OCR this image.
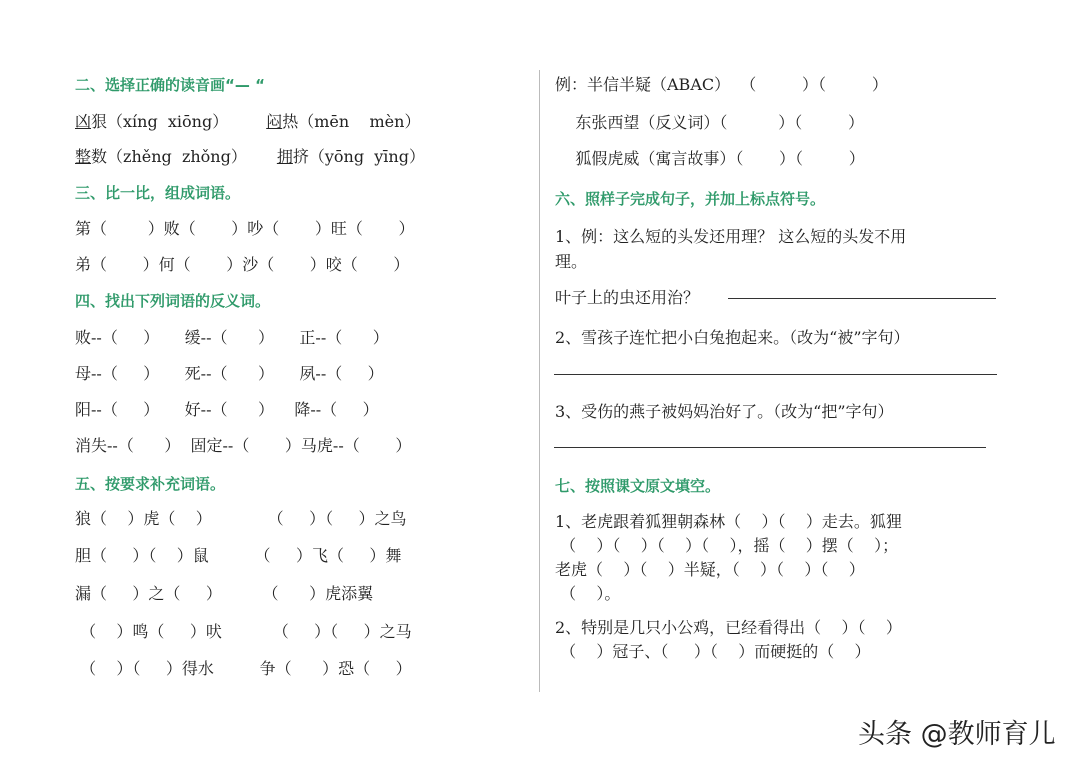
二、选择正确的读音画“— “
凶狠（xíng  xiōng） 闷热（mēn    mèn）
整数（zhěng  zhǒng） 拥挤（yōng  yīng）
三、比一比，组成词语。
第（        ）败（       ）吵（       ）旺（       ）
弟（       ）何（       ）沙（       ）咬（       ）
四、找出下列词语的反义词。
败--（     ）     缓--（      ）     正--（      ）
母--（     ）     死--（      ）     夙--（     ）
阳--（     ）     好--（      ）    降--（     ）
消失--（      ）  固定--（       ）马虎--（       ）
五、按要求补充词语。
狼（    ）虎（    ）           （     ）（     ）之鸟
胆（     ）（    ）鼠         （     ）飞（     ）舞
漏（     ）之（     ）        （      ）虎添翼
（    ）鸣（     ）吠          （     ）（     ）之马
（    ）（     ）得水         争（      ）恐（     ）
例：半信半疑（ABAC）  （         ）（         ）
东张西望（反义词）（          ）（         ）
狐假虎威（寓言故事）（       ）（         ）
六、照样子完成句子，并加上标点符号。
1、例：这么短的头发还用理？ 这么短的头发不用
理。
叶子上的虫还用治？
2、雪孩子连忙把小白兔抱起来。（改为“被”字句）
3、受伤的燕子被妈妈治好了。（改为“把”字句）
七、按照课文原文填空。
1、老虎跟着狐狸朝森林（    ）（    ）走去。狐狸
（    ）（    ）（    ）（    ），摇（    ）摆（    ）；
老虎（    ）（    ）半疑，（    ）（    ）（    ）
（    ）。
2、特别是几只小公鸡，已经看得出（    ）（    ）
（    ）冠子、（     ）（    ）而硬挺的（    ）
头条 @教师育儿
